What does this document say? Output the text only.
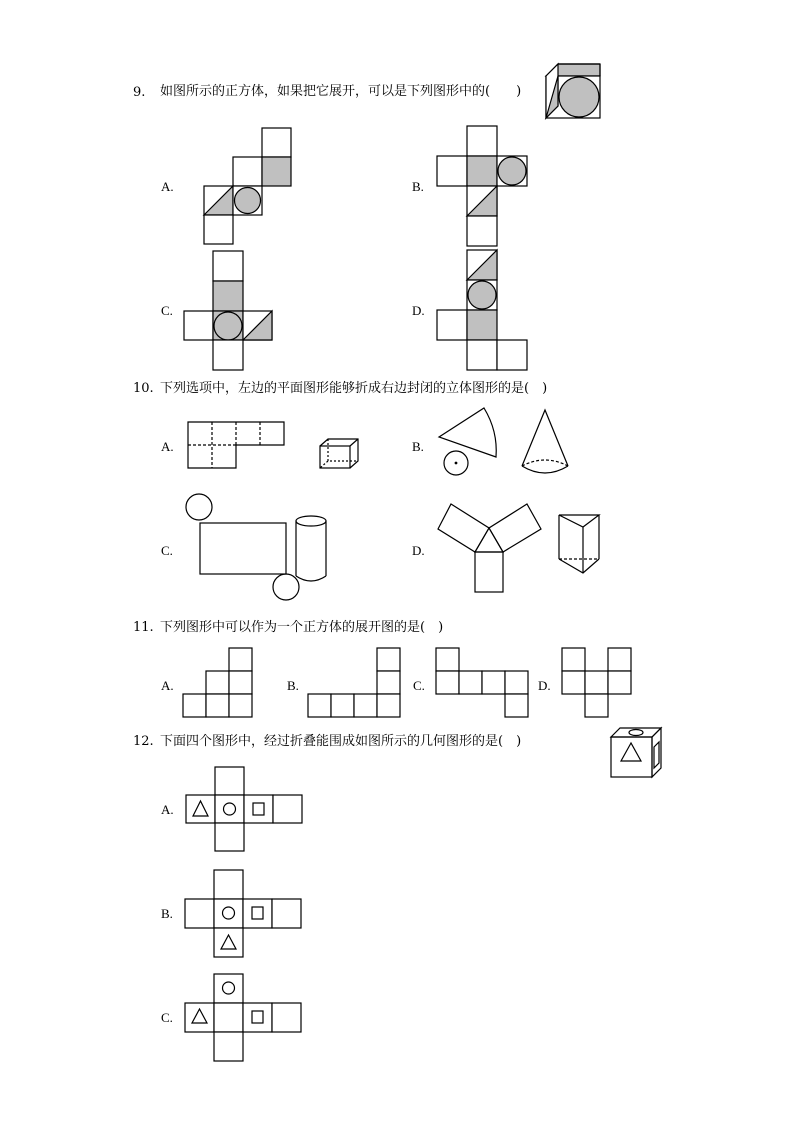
9. 如图所示的正方体，如果把它展开，可以是下列图形中的(　　)
A.	B.
C.	D.
10. 下列选项中，左边的平面图形能够折成右边封闭的立体图形的是(　)
A.	B.
C.	D.
11. 下列图形中可以作为一个正方体的展开图的是(　)
A.	B.	C.	D.
12. 下面四个图形中，经过折叠能围成如图所示的几何图形的是(　)
A.
B.
C.
